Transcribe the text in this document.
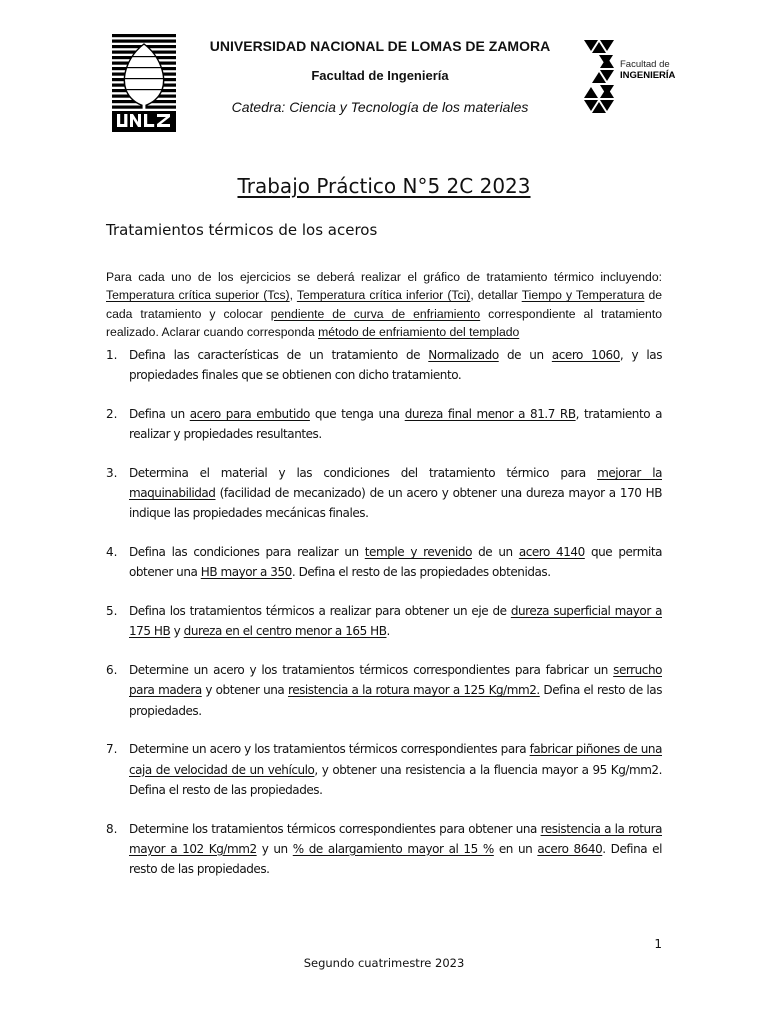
UNIVERSIDAD NACIONAL DE LOMAS DE ZAMORA
Facultad de Ingeniería
Catedra: Ciencia y Tecnología de los materiales
Facultad de
INGENIERÍA
Trabajo Práctico N°5 2C 2023
Tratamientos térmicos de los aceros

Para cada uno de los ejercicios se deberá realizar el gráfico de tratamiento térmico incluyendo: Temperatura crítica superior (Tcs), Temperatura crítica inferior (Tci), detallar Tiempo y Temperatura de cada tratamiento y colocar pendiente de curva de enfriamiento correspondiente al tratamiento realizado. Aclarar cuando corresponda método de enfriamiento del templado

1. Defina las características de un tratamiento de Normalizado de un acero 1060, y las propiedades finales que se obtienen con dicho tratamiento.
2. Defina un acero para embutido que tenga una dureza final menor a 81.7 RB, tratamiento a realizar y propiedades resultantes.
3. Determina el material y las condiciones del tratamiento térmico para mejorar la maquinabilidad (facilidad de mecanizado) de un acero y obtener una dureza mayor a 170 HB indique las propiedades mecánicas finales.
4. Defina las condiciones para realizar un temple y revenido de un acero 4140 que permita obtener una HB mayor a 350. Defina el resto de las propiedades obtenidas.
5. Defina los tratamientos térmicos a realizar para obtener un eje de dureza superficial mayor a 175 HB y dureza en el centro menor a 165 HB.
6. Determine un acero y los tratamientos térmicos correspondientes para fabricar un serrucho para madera y obtener una resistencia a la rotura mayor a 125 Kg/mm2. Defina el resto de las propiedades.
7. Determine un acero y los tratamientos térmicos correspondientes para fabricar piñones de una caja de velocidad de un vehículo, y obtener una resistencia a la fluencia mayor a 95 Kg/mm2. Defina el resto de las propiedades.
8. Determine los tratamientos térmicos correspondientes para obtener una resistencia a la rotura mayor a 102 Kg/mm2 y un % de alargamiento mayor al 15 % en un acero 8640. Defina el resto de las propiedades.
1
Segundo cuatrimestre 2023
